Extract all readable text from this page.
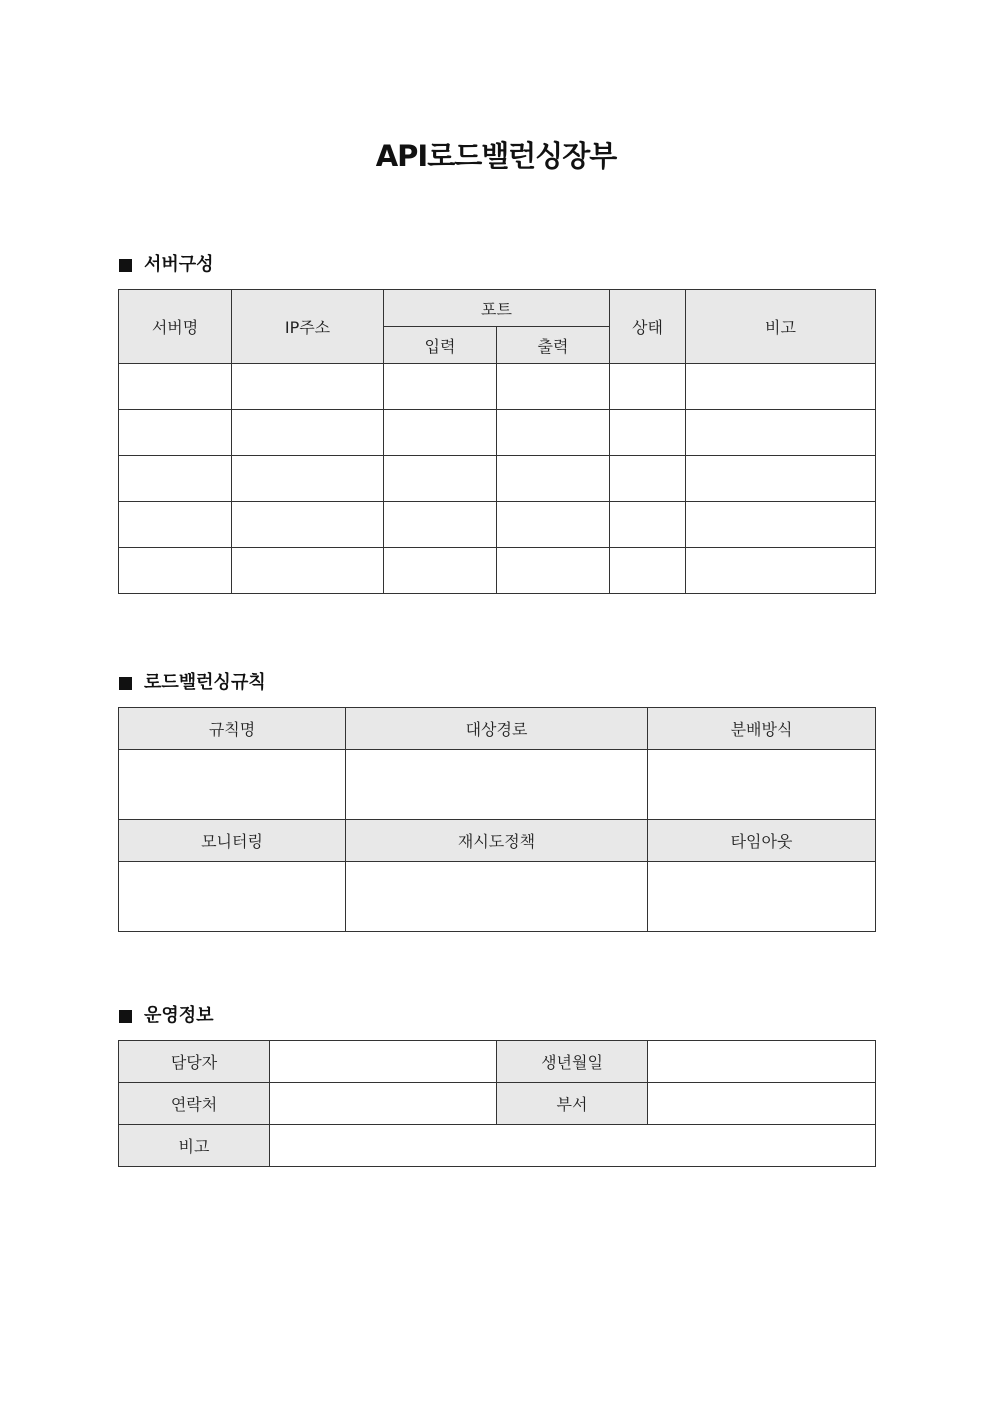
API로드밸런싱장부
서버구성
서버명	IP주소	포트		상태	비고
		입력	출력		

로드밸런싱규칙
규칙명	대상경로	분배방식

모니터링	재시도정책	타임아웃

운영정보
담당자		생년월일	
연락처		부서	
비고			
